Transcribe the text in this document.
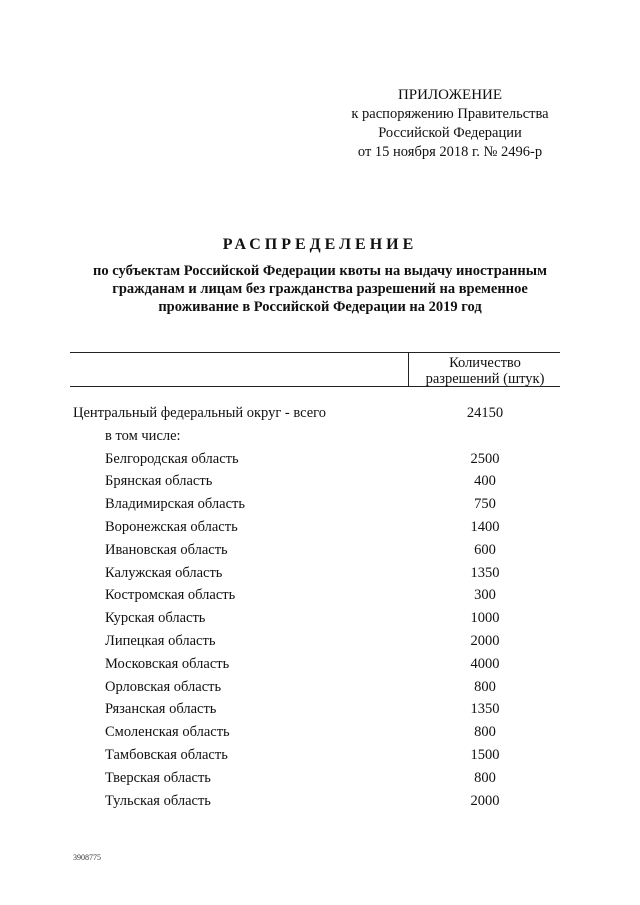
ПРИЛОЖЕНИЕ
к распоряжению Правительства
Российской Федерации
от 15 ноября 2018 г. № 2496-р
РАСПРЕДЕЛЕНИЕ
по субъектам Российской Федерации квоты на выдачу иностранным
гражданам и лицам без гражданства разрешений на временное
проживание в Российской Федерации на 2019 год
Количество
разрешений (штук)
Центральный федеральный округ - всего	24150
в том числе:
Белгородская область	2500
Брянская область	400
Владимирская область	750
Воронежская область	1400
Ивановская область	600
Калужская область	1350
Костромская область	300
Курская область	1000
Липецкая область	2000
Московская область	4000
Орловская область	800
Рязанская область	1350
Смоленская область	800
Тамбовская область	1500
Тверская область	800
Тульская область	2000
3908775
